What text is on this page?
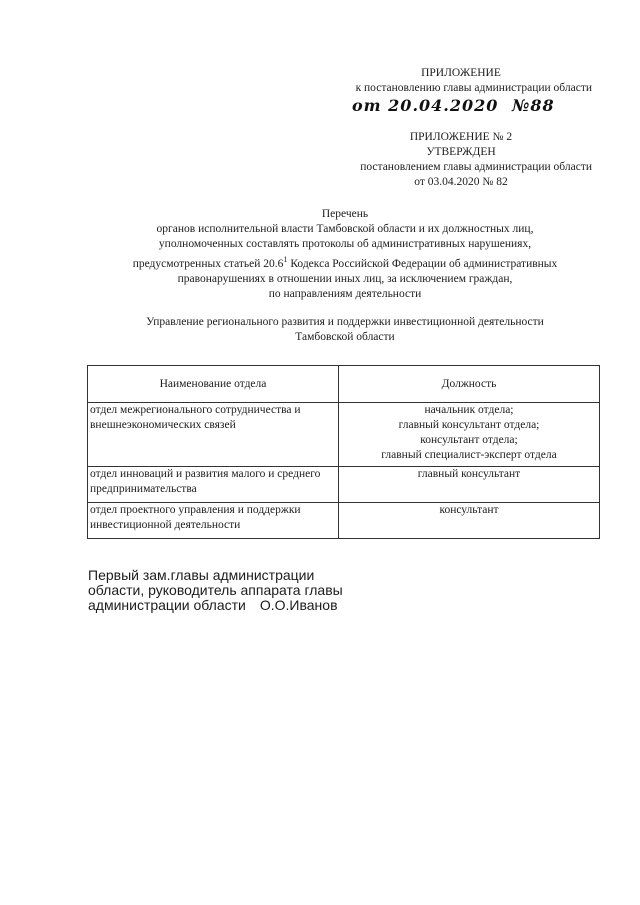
ПРИЛОЖЕНИЕ
к постановлению главы администрации области
от 20.04.2020 №88
ПРИЛОЖЕНИЕ № 2
УТВЕРЖДЕН
постановлением главы администрации области
от 03.04.2020 № 82
Перечень
органов исполнительной власти Тамбовской области и их должностных лиц,
уполномоченных составлять протоколы об административных нарушениях,
предусмотренных статьей 20.6$^1$ Кодекса Российской Федерации об административных
правонарушениях в отношении иных лиц, за исключением граждан,
по направлениям деятельности
Управление регионального развития и поддержки инвестиционной деятельности
Тамбовской области
Наименование отдела	Должность
отдел межрегионального сотрудничества и внешнеэкономических связей	начальник отдела;
главный консультант отдела;
консультант отдела;
главный специалист-эксперт отдела

отдел инноваций и развития малого и среднего предпринимательства	главный консультант

отдел проектного управления и поддержки инвестиционной деятельности	консультант
Первый зам.главы администрации
области, руководитель аппарата главы
администрации области О.О.Иванов
